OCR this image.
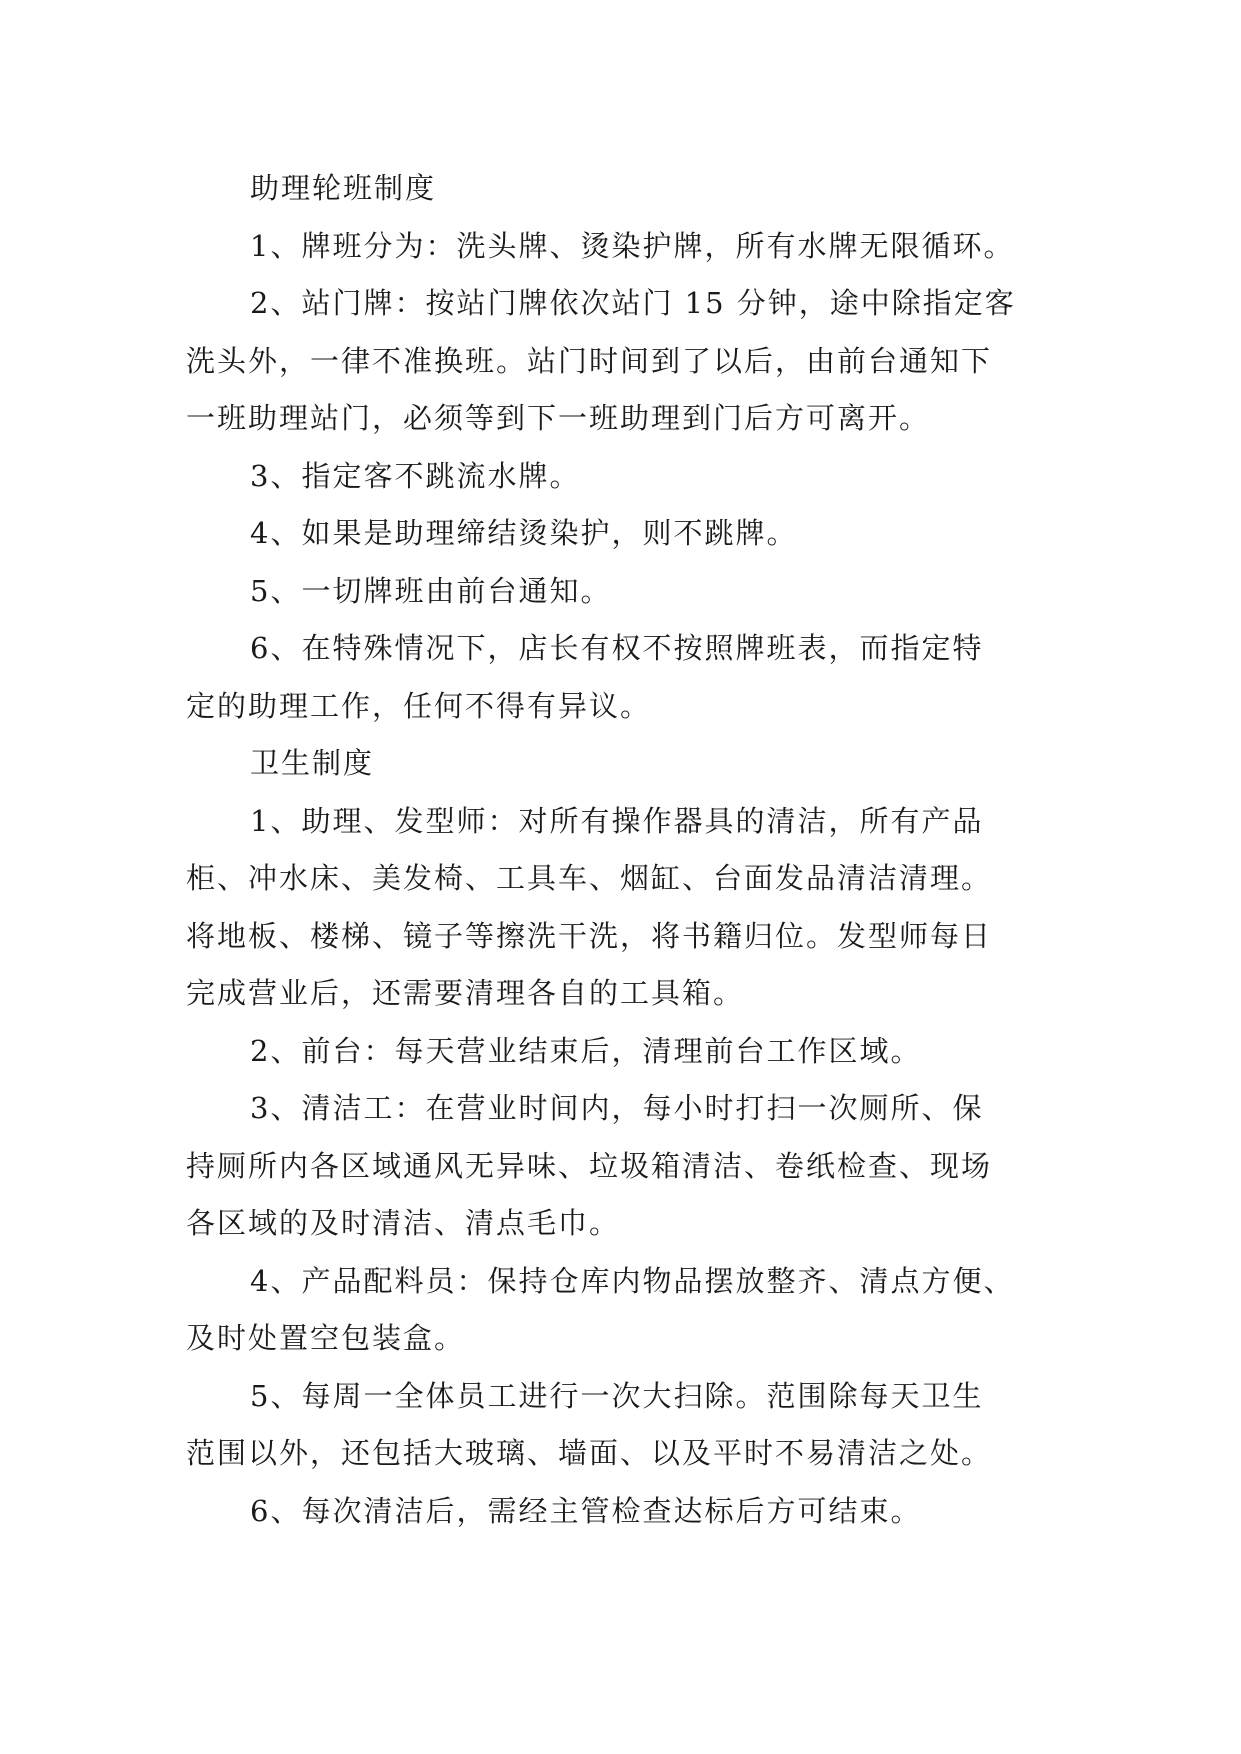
助理轮班制度
1、牌班分为：洗头牌、烫染护牌，所有水牌无限循环。
2、站门牌：按站门牌依次站门 15 分钟，途中除指定客
洗头外，一律不准换班。站门时间到了以后，由前台通知下
一班助理站门，必须等到下一班助理到门后方可离开。
3、指定客不跳流水牌。
4、如果是助理缔结烫染护，则不跳牌。
5、一切牌班由前台通知。
6、在特殊情况下，店长有权不按照牌班表，而指定特
定的助理工作，任何不得有异议。
卫生制度
1、助理、发型师：对所有操作器具的清洁，所有产品
柜、冲水床、美发椅、工具车、烟缸、台面发品清洁清理。
将地板、楼梯、镜子等擦洗干洗，将书籍归位。发型师每日
完成营业后，还需要清理各自的工具箱。
2、前台：每天营业结束后，清理前台工作区域。
3、清洁工：在营业时间内，每小时打扫一次厕所、保
持厕所内各区域通风无异味、垃圾箱清洁、卷纸检查、现场
各区域的及时清洁、清点毛巾。
4、产品配料员：保持仓库内物品摆放整齐、清点方便、
及时处置空包装盒。
5、每周一全体员工进行一次大扫除。范围除每天卫生
范围以外，还包括大玻璃、墙面、以及平时不易清洁之处。
6、每次清洁后，需经主管检查达标后方可结束。
